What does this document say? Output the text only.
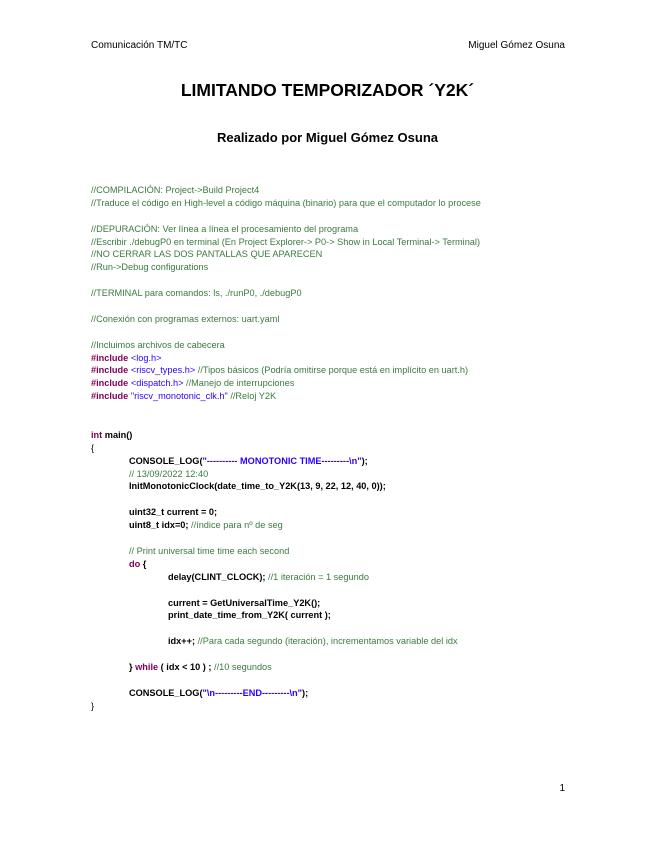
Comunicación TM/TC	Miguel Gómez Osuna
LIMITANDO TEMPORIZADOR ´Y2K´
Realizado por Miguel Gómez Osuna
//COMPILACIÓN: Project->Build Project4
//Traduce el código en High-level a código máquina (binario) para que el computador lo procese
//DEPURACIÓN: Ver línea a línea el procesamiento del programa
//Escribir ./debugP0 en terminal (En Project Explorer-> P0-> Show in Local Terminal-> Terminal)
//NO CERRAR LAS DOS PANTALLAS QUE APARECEN
//Run->Debug configurations
//TERMINAL para comandos: ls, ./runP0, ./debugP0
//Conexión con programas externos: uart.yaml
//Incluimos archivos de cabecera
#include <log.h>
#include <riscv_types.h> //Tipos básicos (Podría omitirse porque está en implícito en uart.h)
#include <dispatch.h> //Manejo de interrupciones
#include "riscv_monotonic_clk.h" //Reloj Y2K
int main()
{
CONSOLE_LOG("---------- MONOTONIC TIME---------\n");
// 13/09/2022 12:40
InitMonotonicClock(date_time_to_Y2K(13, 9, 22, 12, 40, 0));
uint32_t current = 0;
uint8_t idx=0; //índice para nº de seg
// Print universal time time each second
do {
delay(CLINT_CLOCK); //1 iteración = 1 segundo
current = GetUniversalTime_Y2K();
print_date_time_from_Y2K( current );
idx++; //Para cada segundo (iteración), incrementamos variable del idx
} while ( idx < 10 ) ; //10 segundos
CONSOLE_LOG("\n---------END---------\n");
}
1
